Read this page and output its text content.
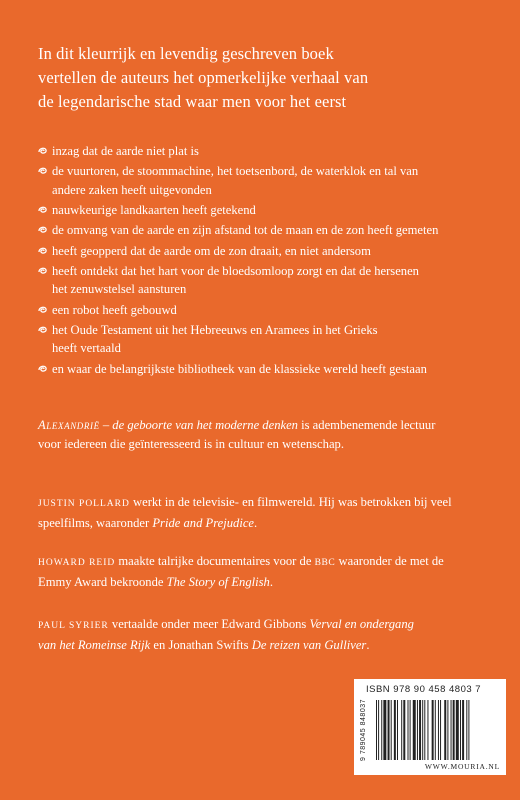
In dit kleurrijk en levendig geschreven boek
vertellen de auteurs het opmerkelijke verhaal van
de legendarische stad waar men voor het eerst
inzag dat de aarde niet plat is
de vuurtoren, de stoommachine, het toetsenbord, de waterklok en tal van
andere zaken heeft uitgevonden
nauwkeurige landkaarten heeft getekend
de omvang van de aarde en zijn afstand tot de maan en de zon heeft gemeten
heeft geopperd dat de aarde om de zon draait, en niet andersom
heeft ontdekt dat het hart voor de bloedsomloop zorgt en dat de hersenen
het zenuwstelsel aansturen
een robot heeft gebouwd
het Oude Testament uit het Hebreeuws en Aramees in het Grieks
heeft vertaald
en waar de belangrijkste bibliotheek van de klassieke wereld heeft gestaan
Alexandrië – de geboorte van het moderne denken is adembenemende lectuur
voor iedereen die geïnteresseerd is in cultuur en wetenschap.
JUSTIN POLLARD werkt in de televisie- en filmwereld. Hij was betrokken bij veel
speelfilms, waaronder Pride and Prejudice.
HOWARD REID maakte talrijke documentaires voor de BBC waaronder de met de
Emmy Award bekroonde The Story of English.
PAUL SYRIER vertaalde onder meer Edward Gibbons Verval en ondergang
van het Romeinse Rijk en Jonathan Swifts De reizen van Gulliver.
ISBN 978 90 458 4803 7
9 789045 848037
WWW.MOURIA.NL
